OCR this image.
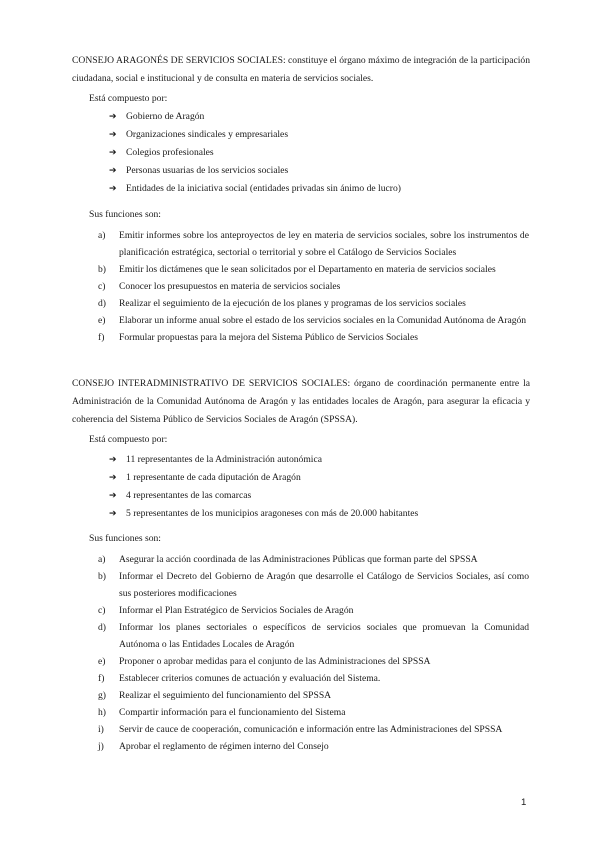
CONSEJO ARAGONÉS DE SERVICIOS SOCIALES: constituye el órgano máximo de integración de la participación ciudadana, social e institucional y de consulta en materia de servicios sociales.

Está compuesto por:

➔ Gobierno de Aragón
➔ Organizaciones sindicales y empresariales
➔ Colegios profesionales
➔ Personas usuarias de los servicios sociales
➔ Entidades de la iniciativa social (entidades privadas sin ánimo de lucro)

Sus funciones son:

a)	Emitir informes sobre los anteproyectos de ley en materia de servicios sociales, sobre los instrumentos de planificación estratégica, sectorial o territorial y sobre el Catálogo de Servicios Sociales
b)	Emitir los dictámenes que le sean solicitados por el Departamento en materia de servicios sociales
c)	Conocer los presupuestos en materia de servicios sociales
d)	Realizar el seguimiento de la ejecución de los planes y programas de los servicios sociales
e)	Elaborar un informe anual sobre el estado de los servicios sociales en la Comunidad Autónoma de Aragón
f)	Formular propuestas para la mejora del Sistema Público de Servicios Sociales

CONSEJO INTERADMINISTRATIVO DE SERVICIOS SOCIALES: órgano de coordinación permanente entre la Administración de la Comunidad Autónoma de Aragón y las entidades locales de Aragón, para asegurar la eficacia y coherencia del Sistema Público de Servicios Sociales de Aragón (SPSSA).

Está compuesto por:

➔ 11 representantes de la Administración autonómica
➔ 1 representante de cada diputación de Aragón
➔ 4 representantes de las comarcas
➔ 5 representantes de los municipios aragoneses con más de 20.000 habitantes

Sus funciones son:

a)	Asegurar la acción coordinada de las Administraciones Públicas que forman parte del SPSSA
b)	Informar el Decreto del Gobierno de Aragón que desarrolle el Catálogo de Servicios Sociales, así como sus posteriores modificaciones
c)	Informar el Plan Estratégico de Servicios Sociales de Aragón
d)	Informar los planes sectoriales o específicos de servicios sociales que promuevan la Comunidad Autónoma o las Entidades Locales de Aragón
e)	Proponer o aprobar medidas para el conjunto de las Administraciones del SPSSA
f)	Establecer criterios comunes de actuación y evaluación del Sistema.
g)	Realizar el seguimiento del funcionamiento del SPSSA
h)	Compartir información para el funcionamiento del Sistema
i)	Servir de cauce de cooperación, comunicación e información entre las Administraciones del SPSSA
j)	Aprobar el reglamento de régimen interno del Consejo
1
